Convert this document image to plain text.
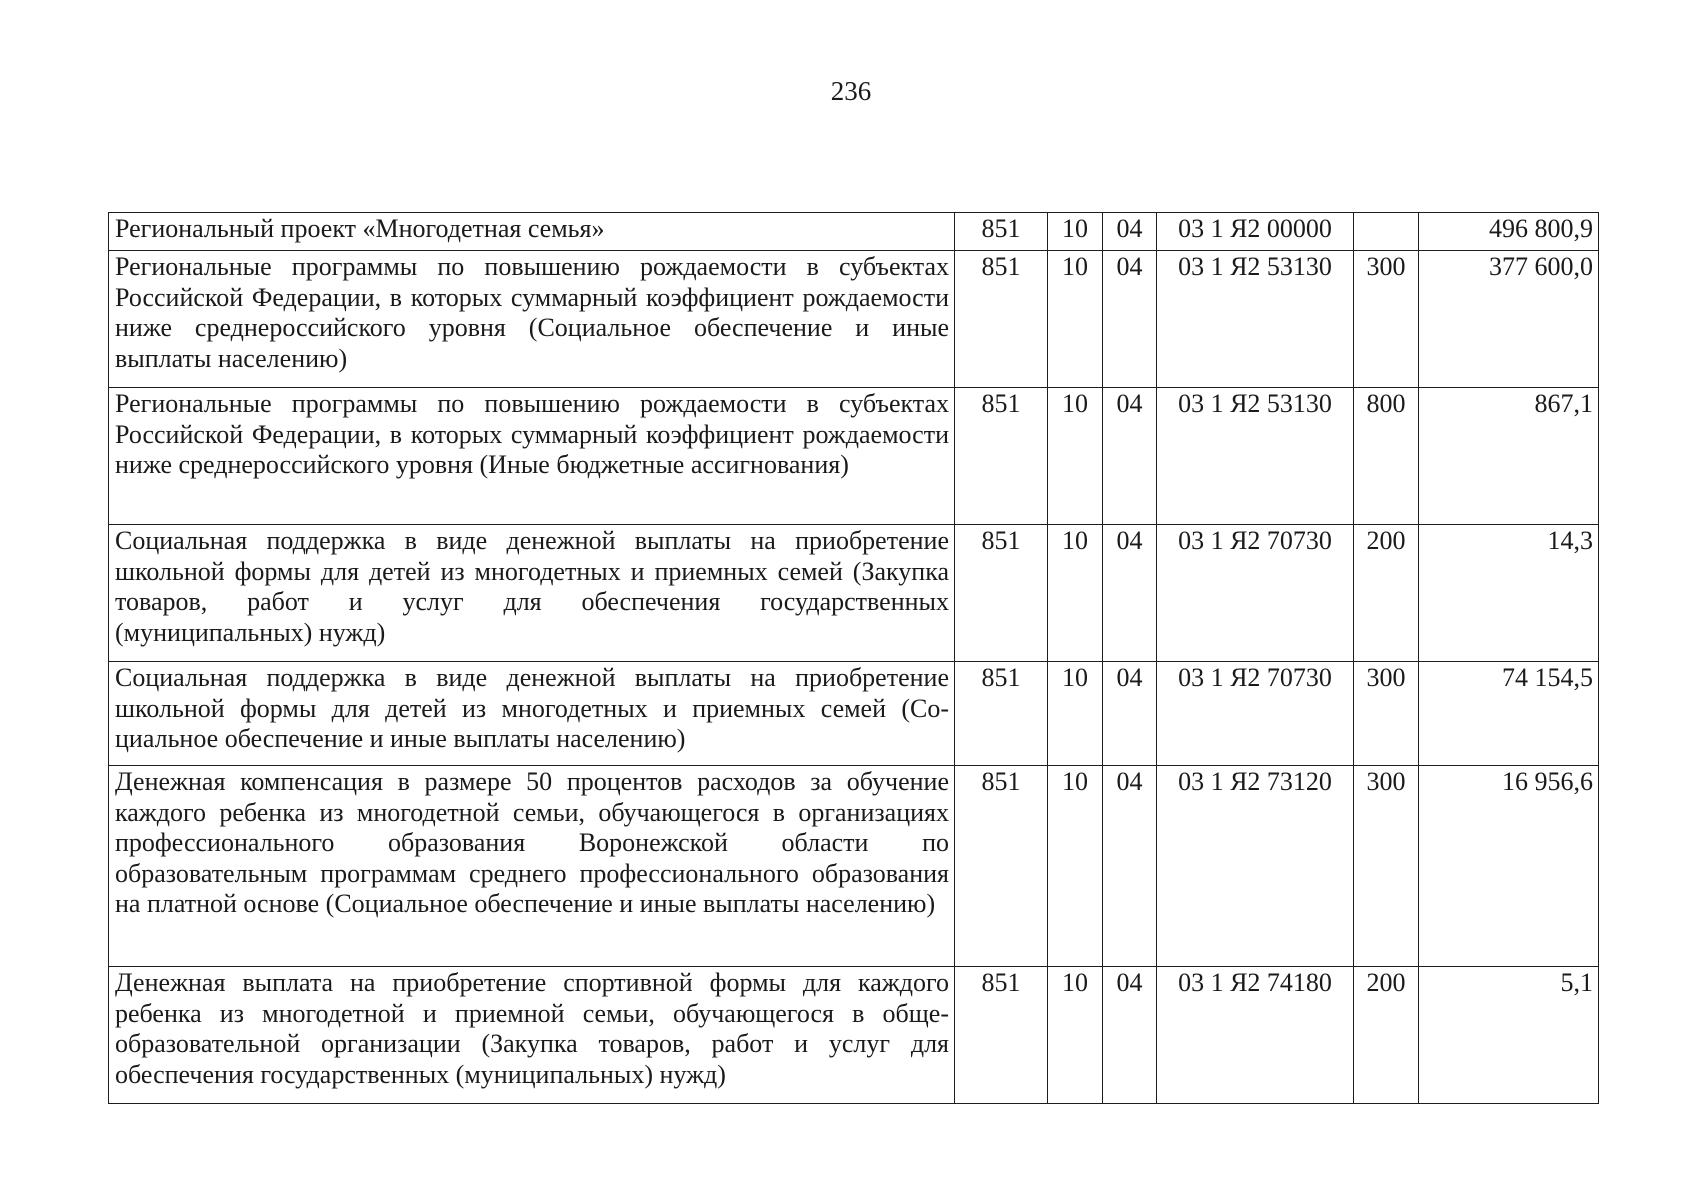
236
Региональный проект «Многодетная семья»	851	10	04	03 1 Я2 00000		496 800,9
Региональные программы по повышению рождаемости в субъектах Российской Федерации, в которых суммарный коэффициент рождаемости ниже среднероссийского уровня (Социальное обеспечение и иные выплаты населению)	851	10	04	03 1 Я2 53130	300	377 600,0
Региональные программы по повышению рождаемости в субъектах Российской Федерации, в которых суммарный коэффициент рождаемости ниже среднероссийского уровня (Иные бюджетные ассигнования)	851	10	04	03 1 Я2 53130	800	867,1
Социальная поддержка в виде денежной выплаты на приобретение школьной формы для детей из многодетных и приемных семей (Закупка товаров, работ и услуг для обеспечения государственных (муниципальных) нужд)	851	10	04	03 1 Я2 70730	200	14,3
Социальная поддержка в виде денежной выплаты на приобретение школьной формы для детей из многодетных и приемных семей (Социальное обеспечение и иные выплаты населению)	851	10	04	03 1 Я2 70730	300	74 154,5
Денежная компенсация в размере 50 процентов расходов за обучение каждого ребенка из многодетной семьи, обучающегося в организациях профессионального образования Воронежской области по образовательным программам среднего профессионального образования на платной основе (Социальное обеспечение и иные выплаты населению)	851	10	04	03 1 Я2 73120	300	16 956,6
Денежная выплата на приобретение спортивной формы для каждого ребенка из многодетной и приемной семьи, обучающегося в общеобразовательной организации (Закупка товаров, работ и услуг для обеспечения государственных (муниципальных) нужд)	851	10	04	03 1 Я2 74180	200	5,1
